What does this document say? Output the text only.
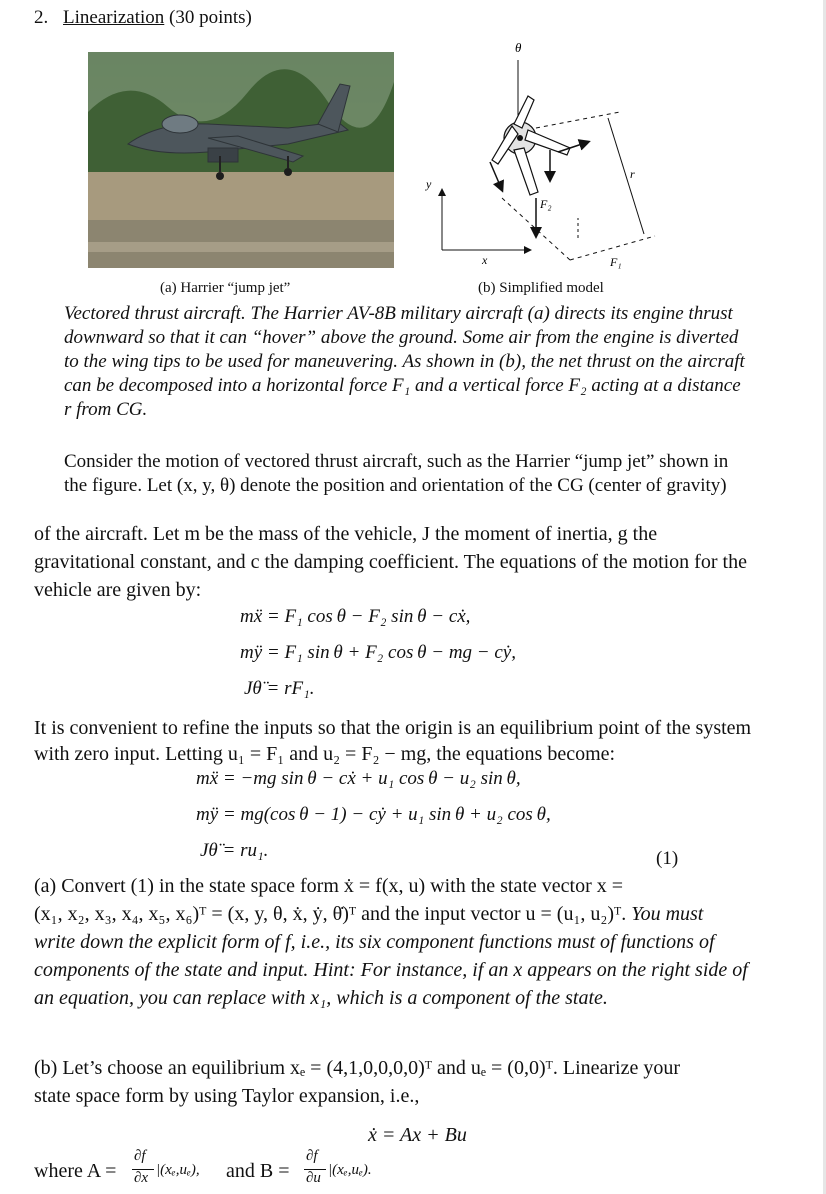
2. Linearization (30 points)
θ
y
x
r
F₂
F₁
(a) Harrier “jump jet”	(b) Simplified model
Vectored thrust aircraft. The Harrier AV-8B military aircraft (a) directs its engine thrust
downward so that it can “hover” above the ground. Some air from the engine is diverted
to the wing tips to be used for maneuvering. As shown in (b), the net thrust on the aircraft
can be decomposed into a horizontal force F₁ and a vertical force F₂ acting at a distance
r from CG.
Consider the motion of vectored thrust aircraft, such as the Harrier “jump jet” shown in
the figure. Let (x, y, θ) denote the position and orientation of the CG (center of gravity)
of the aircraft. Let m be the mass of the vehicle, J the moment of inertia, g the
gravitational constant, and c the damping coefficient. The equations of the motion for the
vehicle are given by:
mẍ = F₁ cos θ − F₂ sin θ − cẋ,
mÿ = F₁ sin θ + F₂ cos θ − mg − cẏ,
Jθ̈ = rF₁.
It is convenient to refine the inputs so that the origin is an equilibrium point of the system
with zero input. Letting u₁ = F₁ and u₂ = F₂ − mg, the equations become:
mẍ = −mg sin θ − cẋ + u₁ cos θ − u₂ sin θ,
mÿ = mg(cos θ − 1) − cẏ + u₁ sin θ + u₂ cos θ,
Jθ̈ = ru₁.	(1)
(a) Convert (1) in the state space form ẋ = f(x, u) with the state vector x =
(x₁, x₂, x₃, x₄, x₅, x₆)ᵀ = (x, y, θ, ẋ, ẏ, θ̇)ᵀ and the input vector u = (u₁, u₂)ᵀ. You must
write down the explicit form of f, i.e., its six component functions must of functions of
components of the state and input. Hint: For instance, if an x appears on the right side of
an equation, you can replace with x₁, which is a component of the state.
(b) Let’s choose an equilibrium xₑ = (4,1,0,0,0,0)ᵀ and uₑ = (0,0)ᵀ. Linearize your
state space form by using Taylor expansion, i.e.,
ẋ = Ax + Bu
where A =
∂f
∂x |(xₑ,uₑ), and B =
∂f
∂u |(xₑ,uₑ).
